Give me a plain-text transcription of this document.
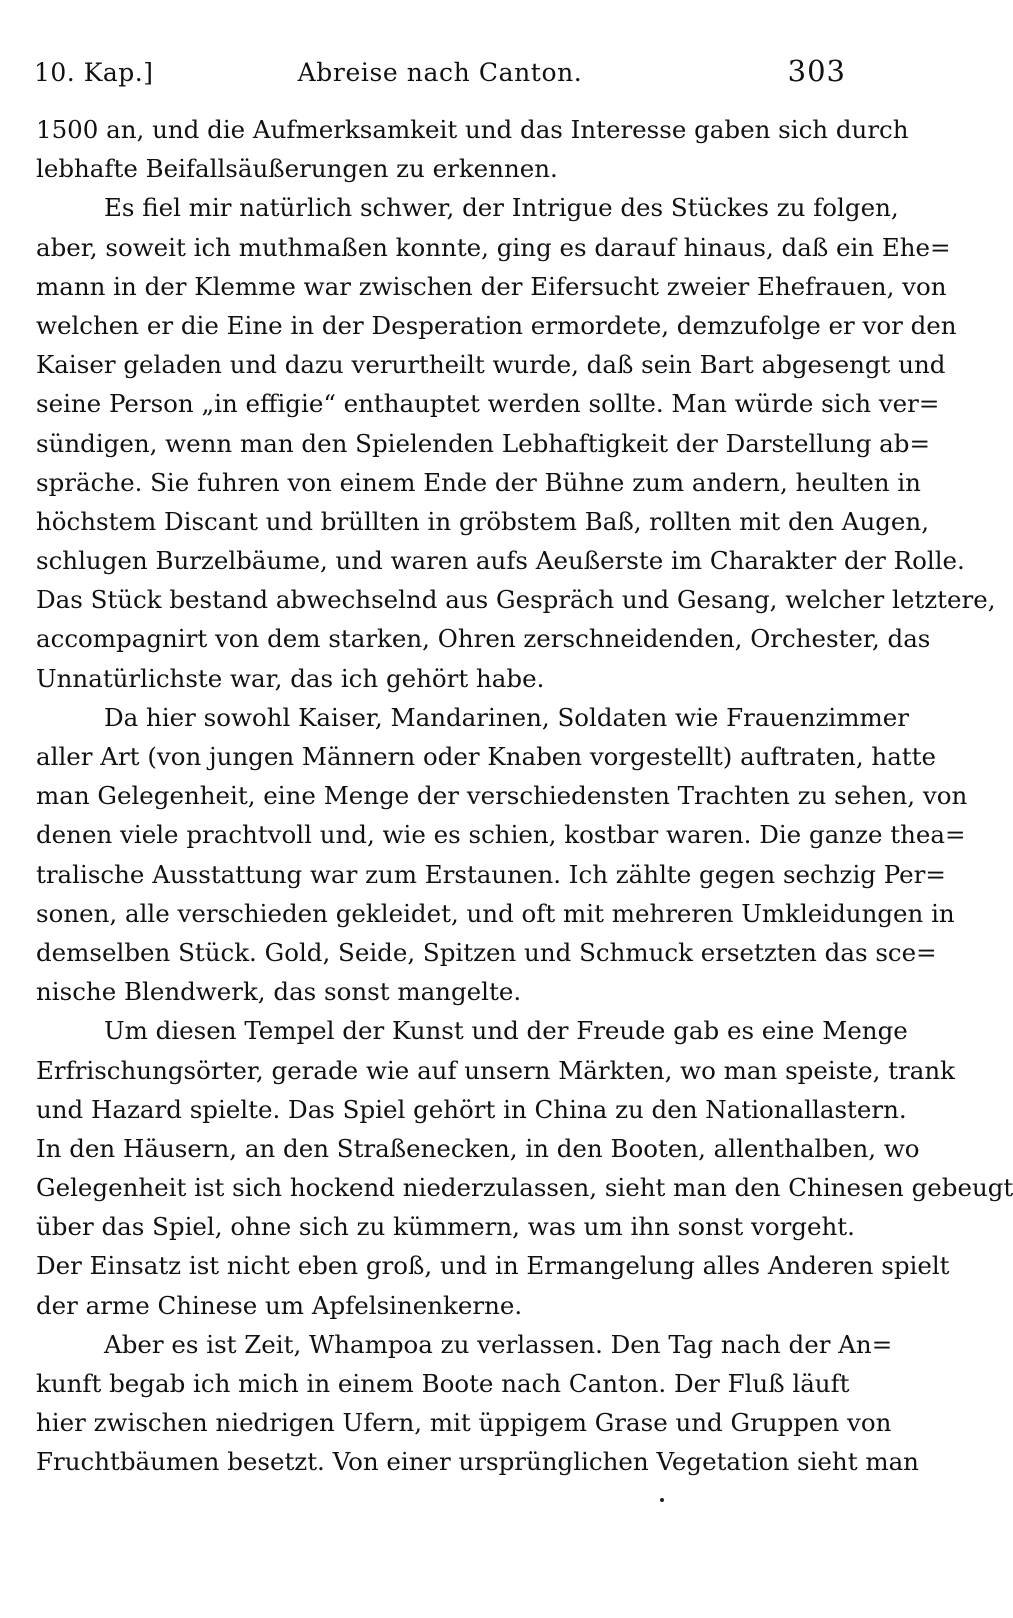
10. Kap.]	Abreise nach Canton.	303
1500 an, und die Aufmerksamkeit und das Interesse gaben sich durch
lebhafte Beifallsäußerungen zu erkennen.
Es fiel mir natürlich schwer, der Intrigue des Stückes zu folgen,
aber, soweit ich muthmaßen konnte, ging es darauf hinaus, daß ein Ehe=
mann in der Klemme war zwischen der Eifersucht zweier Ehefrauen, von
welchen er die Eine in der Desperation ermordete, demzufolge er vor den
Kaiser geladen und dazu verurtheilt wurde, daß sein Bart abgesengt und
seine Person „in effigie“ enthauptet werden sollte. Man würde sich ver=
sündigen, wenn man den Spielenden Lebhaftigkeit der Darstellung ab=
spräche. Sie fuhren von einem Ende der Bühne zum andern, heulten in
höchstem Discant und brüllten in gröbstem Baß, rollten mit den Augen,
schlugen Burzelbäume, und waren aufs Aeußerste im Charakter der Rolle.
Das Stück bestand abwechselnd aus Gespräch und Gesang, welcher letztere,
accompagnirt von dem starken, Ohren zerschneidenden, Orchester, das
Unnatürlichste war, das ich gehört habe.
Da hier sowohl Kaiser, Mandarinen, Soldaten wie Frauenzimmer
aller Art (von jungen Männern oder Knaben vorgestellt) auftraten, hatte
man Gelegenheit, eine Menge der verschiedensten Trachten zu sehen, von
denen viele prachtvoll und, wie es schien, kostbar waren. Die ganze thea=
tralische Ausstattung war zum Erstaunen. Ich zählte gegen sechzig Per=
sonen, alle verschieden gekleidet, und oft mit mehreren Umkleidungen in
demselben Stück. Gold, Seide, Spitzen und Schmuck ersetzten das sce=
nische Blendwerk, das sonst mangelte.
Um diesen Tempel der Kunst und der Freude gab es eine Menge
Erfrischungsörter, gerade wie auf unsern Märkten, wo man speiste, trank
und Hazard spielte. Das Spiel gehört in China zu den Nationallastern.
In den Häusern, an den Straßenecken, in den Booten, allenthalben, wo
Gelegenheit ist sich hockend niederzulassen, sieht man den Chinesen gebeugt
über das Spiel, ohne sich zu kümmern, was um ihn sonst vorgeht.
Der Einsatz ist nicht eben groß, und in Ermangelung alles Anderen spielt
der arme Chinese um Apfelsinenkerne.
Aber es ist Zeit, Whampoa zu verlassen. Den Tag nach der An=
kunft begab ich mich in einem Boote nach Canton. Der Fluß läuft
hier zwischen niedrigen Ufern, mit üppigem Grase und Gruppen von
Fruchtbäumen besetzt. Von einer ursprünglichen Vegetation sieht man
